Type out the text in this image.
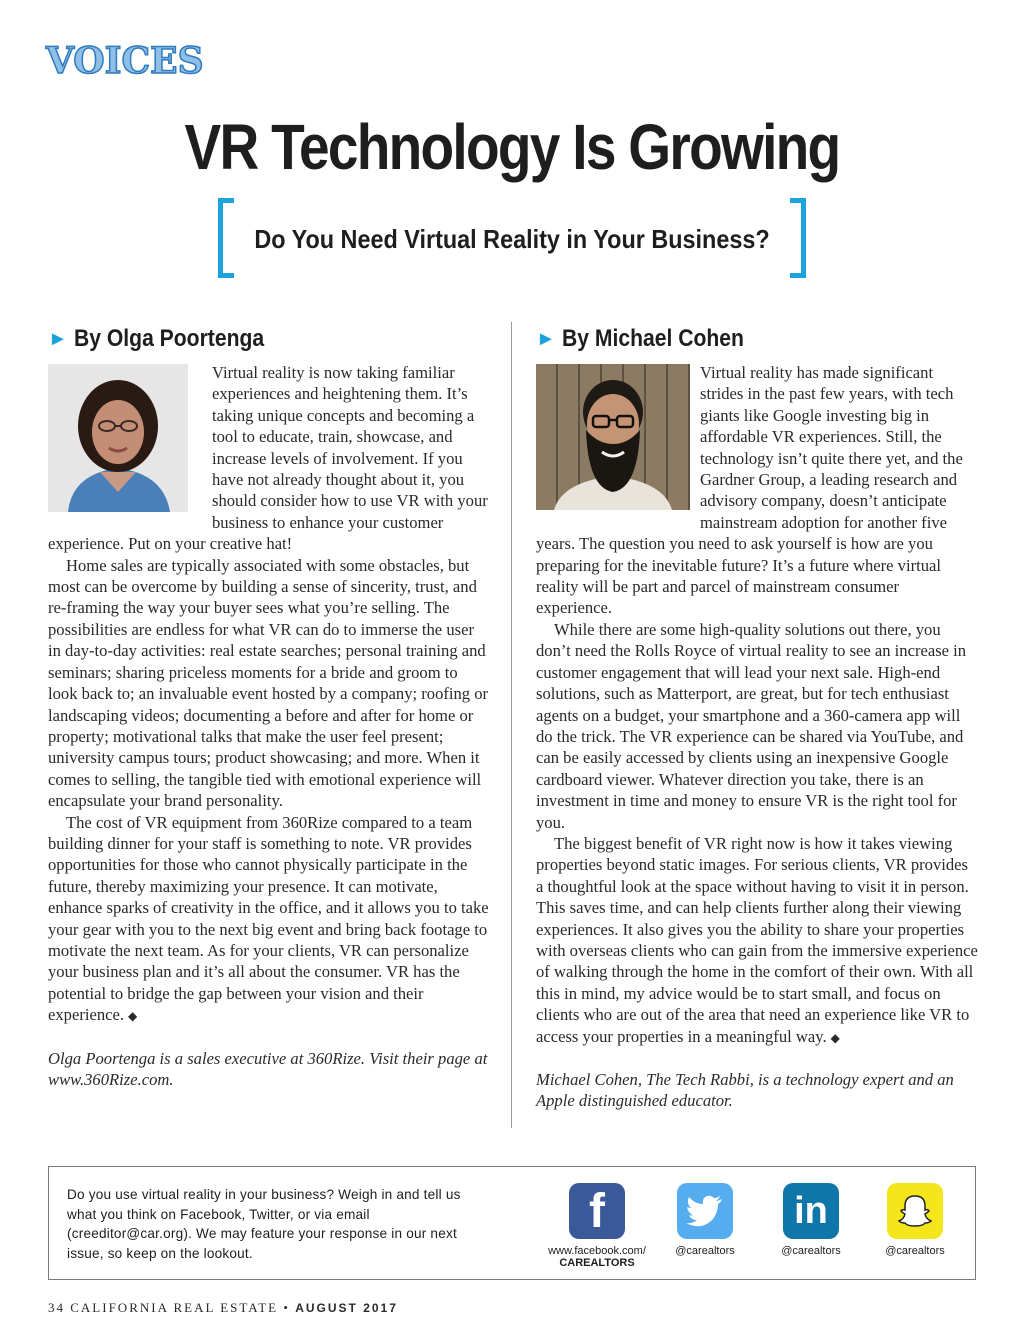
VOICES
VR Technology Is Growing
Do You Need Virtual Reality in Your Business?
► By Olga Poortenga

Virtual reality is now taking familiar experiences and heightening them. It’s taking unique concepts and becoming a tool to educate, train, showcase, and increase levels of involvement. If you have not already thought about it, you should consider how to use VR with your business to enhance your customer experience. Put on your creative hat!

Home sales are typically associated with some obstacles, but most can be overcome by building a sense of sincerity, trust, and re-framing the way your buyer sees what you’re selling. The possibilities are endless for what VR can do to immerse the user in day-to-day activities: real estate searches; personal training and seminars; sharing priceless moments for a bride and groom to look back to; an invaluable event hosted by a company; roofing or landscaping videos; documenting a before and after for home or property; motivational talks that make the user feel present; university campus tours; product showcasing; and more. When it comes to selling, the tangible tied with emotional experience will encapsulate your brand personality.

The cost of VR equipment from 360Rize compared to a team building dinner for your staff is something to note. VR provides opportunities for those who cannot physically participate in the future, thereby maximizing your presence. It can motivate, enhance sparks of creativity in the office, and it allows you to take your gear with you to the next big event and bring back footage to motivate the next team. As for your clients, VR can personalize your business plan and it’s all about the consumer. VR has the potential to bridge the gap between your vision and their experience. ◆

Olga Poortenga is a sales executive at 360Rize. Visit their page at www.360Rize.com.
► By Michael Cohen

Virtual reality has made significant strides in the past few years, with tech giants like Google investing big in affordable VR experiences. Still, the technology isn’t quite there yet, and the Gardner Group, a leading research and advisory company, doesn’t anticipate mainstream adoption for another five years. The question you need to ask yourself is how are you preparing for the inevitable future? It’s a future where virtual reality will be part and parcel of mainstream consumer experience.

While there are some high-quality solutions out there, you don’t need the Rolls Royce of virtual reality to see an increase in customer engagement that will lead your next sale. High-end solutions, such as Matterport, are great, but for tech enthusiast agents on a budget, your smartphone and a 360-camera app will do the trick. The VR experience can be shared via YouTube, and can be easily accessed by clients using an inexpensive Google cardboard viewer. Whatever direction you take, there is an investment in time and money to ensure VR is the right tool for you.

The biggest benefit of VR right now is how it takes viewing properties beyond static images. For serious clients, VR provides a thoughtful look at the space without having to visit it in person. This saves time, and can help clients further along their viewing experiences. It also gives you the ability to share your properties with overseas clients who can gain from the immersive experience of walking through the home in the comfort of their own. With all this in mind, my advice would be to start small, and focus on clients who are out of the area that need an experience like VR to access your properties in a meaningful way. ◆

Michael Cohen, The Tech Rabbi, is a technology expert and an Apple distinguished educator.
Do you use virtual reality in your business? Weigh in and tell us what you think on Facebook, Twitter, or via email (creeditor@car.org). We may feature your response in our next issue, so keep on the lookout.
f
www.facebook.com/
CAREALTORS
@carealtors
in
@carealtors	@carealtors
34 CALIFORNIA REAL ESTATE • AUGUST 2017
